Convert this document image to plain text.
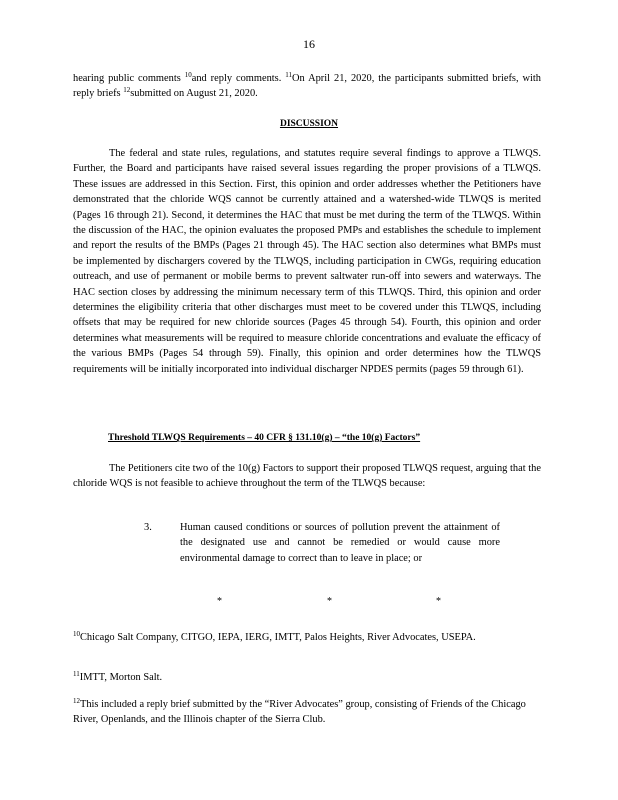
16
hearing public comments $^{10}$and reply comments. $^{11}$On April 21, 2020, the participants submitted briefs, with reply briefs $^{12}$submitted on August 21, 2020.
DISCUSSION
The federal and state rules, regulations, and statutes require several findings to approve a TLWQS. Further, the Board and participants have raised several issues regarding the proper provisions of a TLWQS. These issues are addressed in this Section. First, this opinion and order addresses whether the Petitioners have demonstrated that the chloride WQS cannot be currently attained and a watershed-wide TLWQS is merited (Pages 16 through 21). Second, it determines the HAC that must be met during the term of the TLWQS. Within the discussion of the HAC, the opinion evaluates the proposed PMPs and establishes the schedule to implement and report the results of the BMPs (Pages 21 through 45). The HAC section also determines what BMPs must be implemented by dischargers covered by the TLWQS, including participation in CWGs, requiring education outreach, and use of permanent or mobile berms to prevent saltwater run-off into sewers and waterways. The HAC section closes by addressing the minimum necessary term of this TLWQS. Third, this opinion and order determines the eligibility criteria that other discharges must meet to be covered under this TLWQS, including offsets that may be required for new chloride sources (Pages 45 through 54). Fourth, this opinion and order determines what measurements will be required to measure chloride concentrations and evaluate the efficacy of the various BMPs (Pages 54 through 59). Finally, this opinion and order determines how the TLWQS requirements will be initially incorporated into individual discharger NPDES permits (pages 59 through 61).
Threshold TLWQS Requirements – 40 CFR § 131.10(g) – “the 10(g) Factors”
The Petitioners cite two of the 10(g) Factors to support their proposed TLWQS request, arguing that the chloride WQS is not feasible to achieve throughout the term of the TLWQS because:
3.	Human caused conditions or sources of pollution prevent the attainment of the designated use and cannot be remedied or would cause more environmental damage to correct than to leave in place; or
*	*	*
$^{10}$Chicago Salt Company, CITGO, IEPA, IERG, IMTT, Palos Heights, River Advocates, USEPA.
$^{11}$IMTT, Morton Salt.
$^{12}$This included a reply brief submitted by the “River Advocates” group, consisting of Friends of the Chicago River, Openlands, and the Illinois chapter of the Sierra Club.
